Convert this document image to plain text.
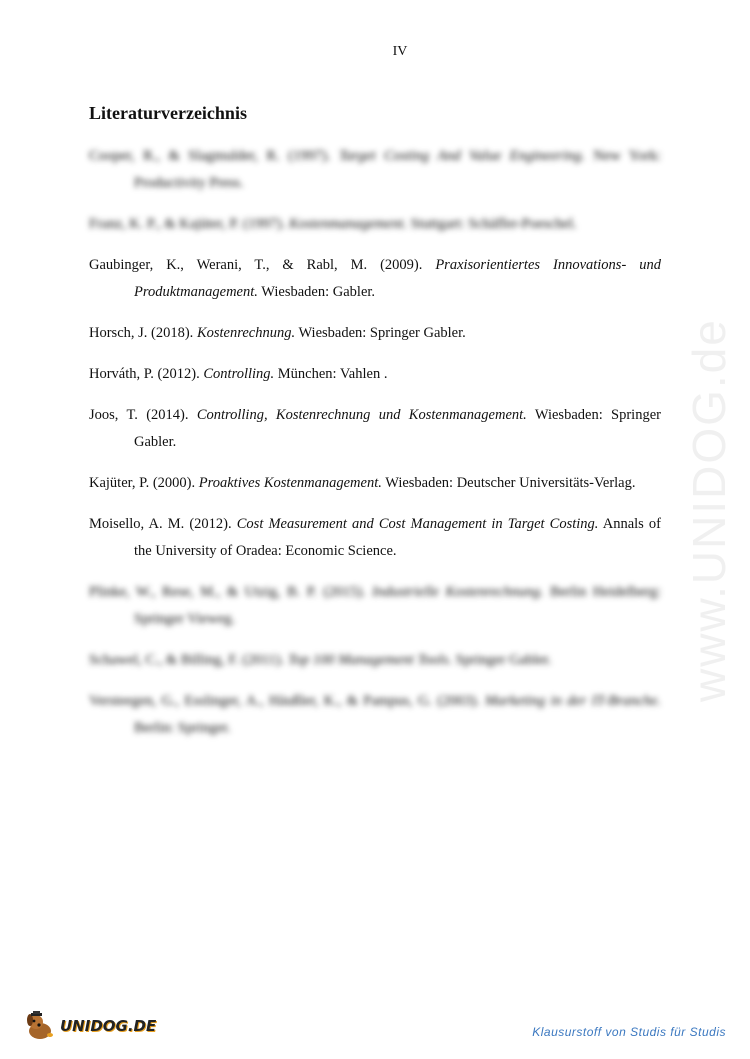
IV
Literaturverzeichnis
Cooper, R., & Slagmulder, R. (1997). Target Costing And Value Engineering. New York: Productivity Press.
Franz, K. P., & Kajüter, P. (1997). Kostenmanagement. Stuttgart: Schäffer-Poeschel.
Gaubinger, K., Werani, T., & Rabl, M. (2009). Praxisorientiertes Innovations- und Produktmanagement. Wiesbaden: Gabler.
Horsch, J. (2018). Kostenrechnung. Wiesbaden: Springer Gabler.
Horváth, P. (2012). Controlling. München: Vahlen .
Joos, T. (2014). Controlling, Kostenrechnung und Kostenmanagement. Wiesbaden: Springer Gabler.
Kajüter, P. (2000). Proaktives Kostenmanagement. Wiesbaden: Deutscher Universitäts-Verlag.
Moisello, A. M. (2012). Cost Measurement and Cost Management in Target Costing. Annals of the University of Oradea: Economic Science.
Plinke, W., Rese, M., & Utzig, B. P. (2015). Industrielle Kostenrechnung. Berlin Heidelberg: Springer Vieweg.
Schawel, C., & Billing, F. (2011). Top 100 Management Tools. Springer Gabler.
Versteegen, G., Esslinger, A., Häußler, K., & Pampus, G. (2003). Marketing in der IT-Branche. Berlin: Springer.
www.UNIDOG.de
UNIDOG.DE	Klausurstoff von Studis für Studis
